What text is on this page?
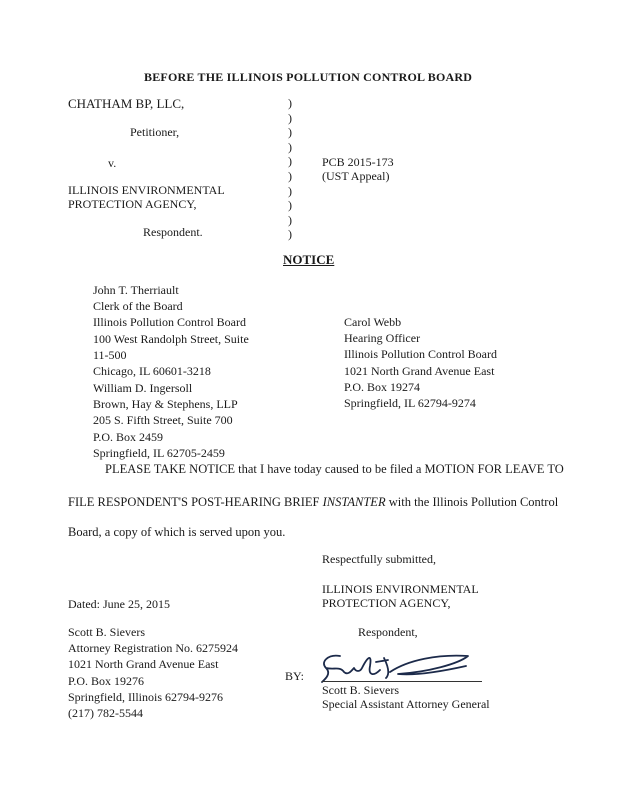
BEFORE THE ILLINOIS POLLUTION CONTROL BOARD
CHATHAM BP, LLC,
Petitioner,
v.
ILLINOIS ENVIRONMENTAL
PROTECTION AGENCY,
Respondent.
)
)
)
)
)
)
)
)
)
)
PCB 2015-173
(UST Appeal)
NOTICE
John T. Therriault
Clerk of the Board
Illinois Pollution Control Board
100 West Randolph Street, Suite
11-500
Chicago, IL 60601-3218
William D. Ingersoll
Brown, Hay & Stephens, LLP
205 S. Fifth Street, Suite 700
P.O. Box 2459
Springfield, IL 62705-2459
Carol Webb
Hearing Officer
Illinois Pollution Control Board
1021 North Grand Avenue East
P.O. Box 19274
Springfield, IL 62794-9274
PLEASE TAKE NOTICE that I have today caused to be filed a MOTION FOR LEAVE TO
FILE RESPONDENT'S POST-HEARING BRIEF INSTANTER with the Illinois Pollution Control
Board, a copy of which is served upon you.
Respectfully submitted,
ILLINOIS ENVIRONMENTAL
PROTECTION AGENCY,
Respondent,
Dated: June 25, 2015
Scott B. Sievers
Attorney Registration No. 6275924
1021 North Grand Avenue East
P.O. Box 19276
Springfield, Illinois 62794-9276
(217) 782-5544
BY:
Scott B. Sievers
Special Assistant Attorney General
